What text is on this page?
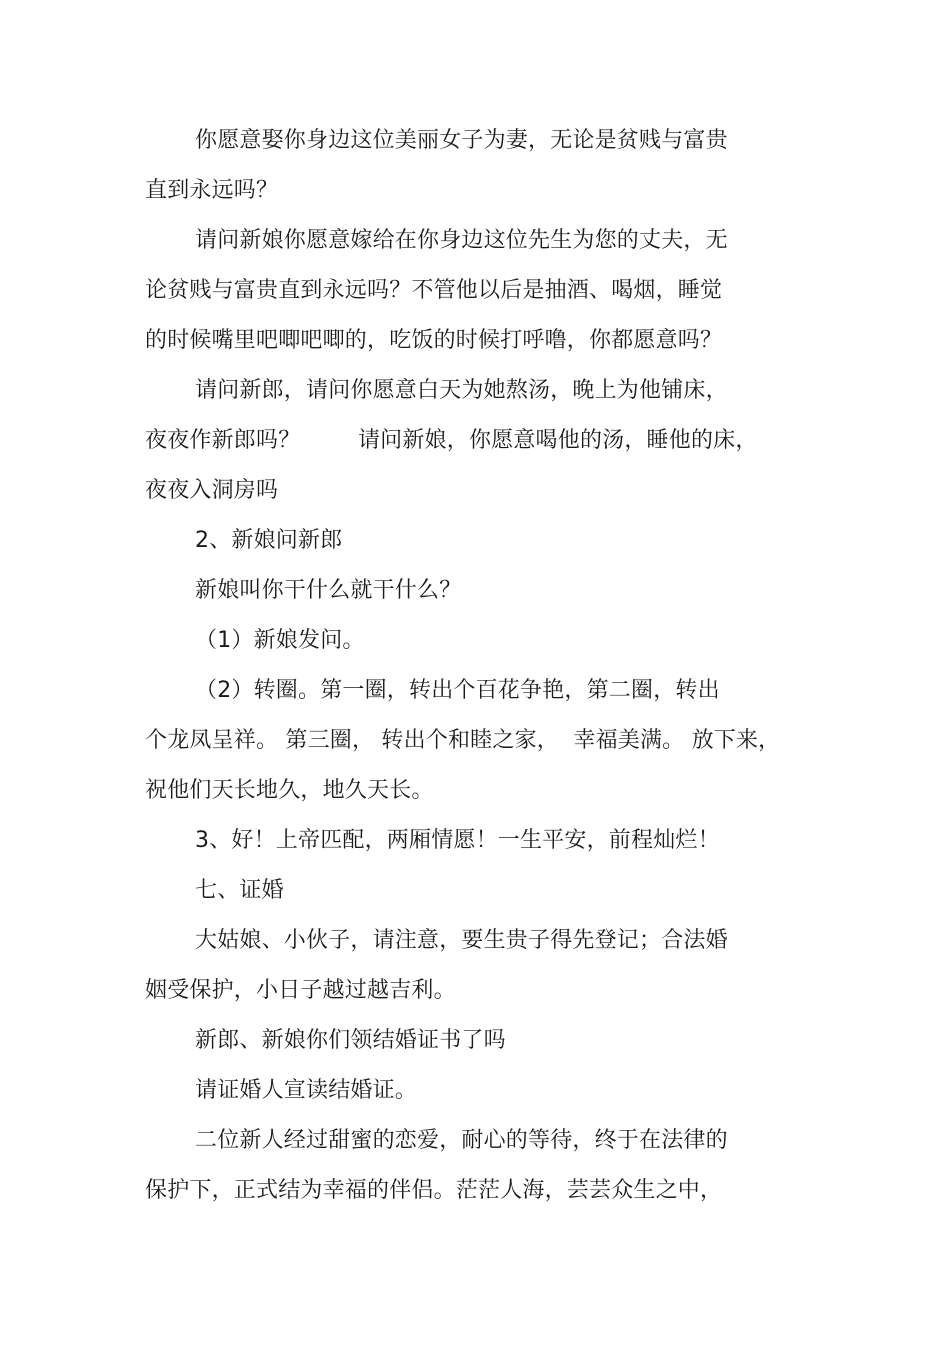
你愿意娶你身边这位美丽女子为妻，无论是贫贱与富贵
直到永远吗？
请问新娘你愿意嫁给在你身边这位先生为您的丈夫，无
论贫贱与富贵直到永远吗？不管他以后是抽酒、喝烟，睡觉
的时候嘴里吧唧吧唧的，吃饭的时候打呼噜，你都愿意吗？
请问新郎，请问你愿意白天为她熬汤，晚上为他铺床，
夜夜作新郎吗？        请问新娘，你愿意喝他的汤，睡他的床，
夜夜入洞房吗
2、新娘问新郎
新娘叫你干什么就干什么？
（1）新娘发问。
（2）转圈。第一圈，转出个百花争艳，第二圈，转出
个龙凤呈祥。 第三圈， 转出个和睦之家，  幸福美满。 放下来，
祝他们天长地久，地久天长。
3、好！上帝匹配，两厢情愿！一生平安，前程灿烂！
七、证婚
大姑娘、小伙子，请注意，要生贵子得先登记；合法婚
姻受保护，小日子越过越吉利。
新郎、新娘你们领结婚证书了吗
请证婚人宣读结婚证。
二位新人经过甜蜜的恋爱，耐心的等待，终于在法律的
保护下，正式结为幸福的伴侣。茫茫人海，芸芸众生之中，
